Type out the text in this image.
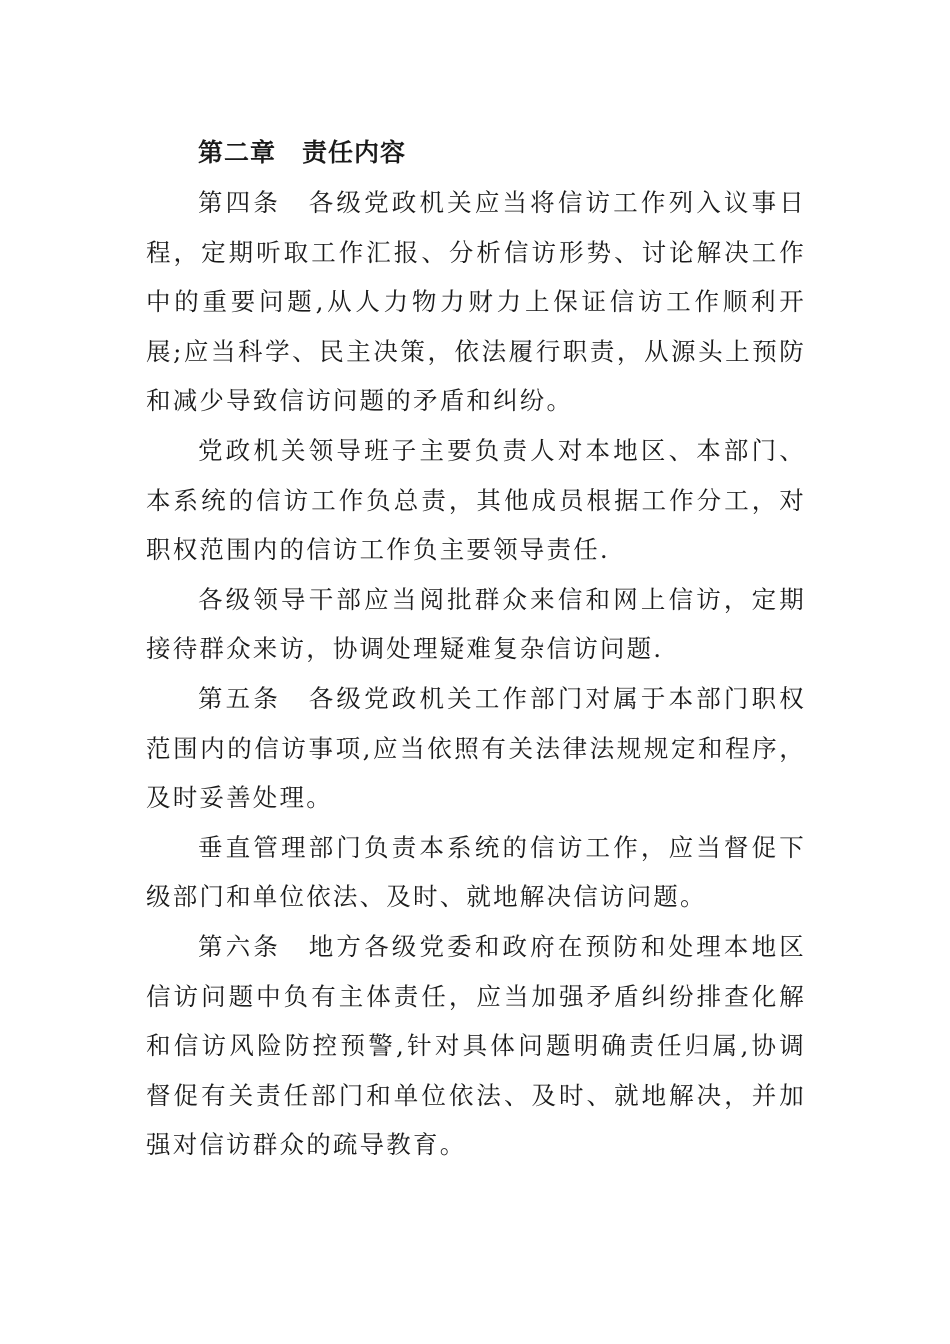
第二章　责任内容

第四条　各级党政机关应当将信访工作列入议事日程，定期听取工作汇报、分析信访形势、讨论解决工作中的重要问题,从人力物力财力上保证信访工作顺利开展;应当科学、民主决策，依法履行职责，从源头上预防和减少导致信访问题的矛盾和纠纷。

党政机关领导班子主要负责人对本地区、本部门、本系统的信访工作负总责，其他成员根据工作分工，对职权范围内的信访工作负主要领导责任.

各级领导干部应当阅批群众来信和网上信访，定期接待群众来访，协调处理疑难复杂信访问题.

第五条　各级党政机关工作部门对属于本部门职权范围内的信访事项,应当依照有关法律法规规定和程序，及时妥善处理。

垂直管理部门负责本系统的信访工作，应当督促下级部门和单位依法、及时、就地解决信访问题。

第六条　地方各级党委和政府在预防和处理本地区信访问题中负有主体责任，应当加强矛盾纠纷排查化解和信访风险防控预警,针对具体问题明确责任归属,协调督促有关责任部门和单位依法、及时、就地解决，并加强对信访群众的疏导教育。
